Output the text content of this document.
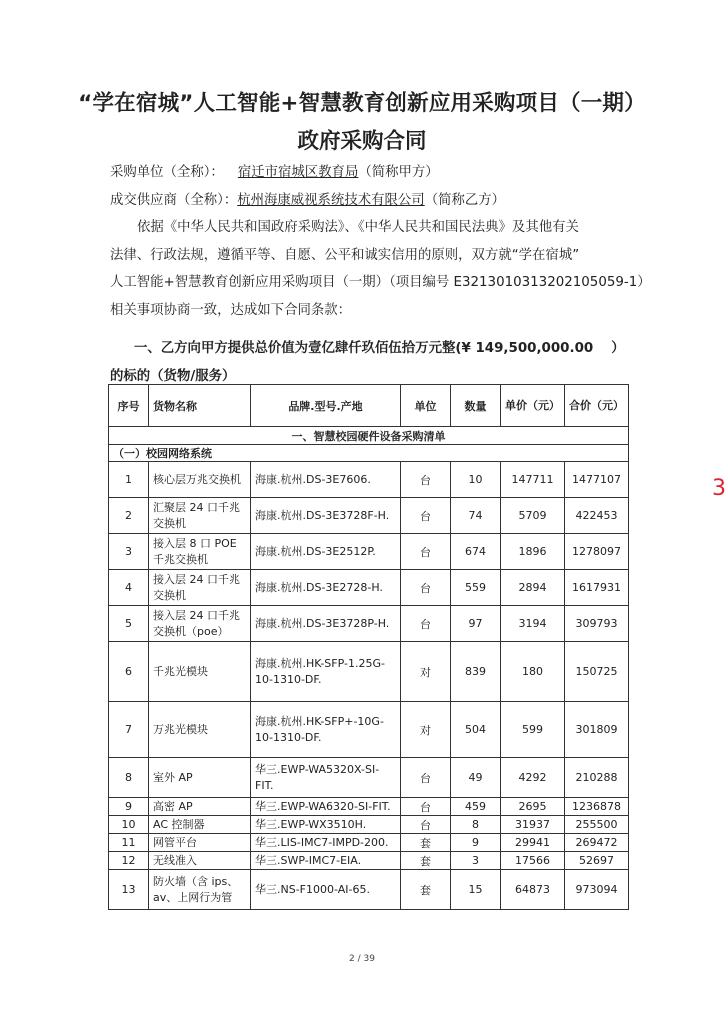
“学在宿城”人工智能+智慧教育创新应用采购项目（一期）
政府采购合同
采购单位（全称）： 宿迁市宿城区教育局（简称甲方）
成交供应商（全称）：杭州海康威视系统技术有限公司（简称乙方）
依据《中华人民共和国政府采购法》、《中华人民共和国民法典》及其他有关
法律、行政法规，遵循平等、自愿、公平和诚实信用的原则，双方就“学在宿城”
人工智能+智慧教育创新应用采购项目（一期）（项目编号 E3213010313202105059-1）
相关事项协商一致，达成如下合同条款：
一、乙方向甲方提供总价值为壹亿肆仟玖佰伍拾万元整(¥ 149,500,000.00 　）
的标的（货物/服务）
序号	货物名称	品牌.型号.产地	单位	数量	单价（元）	合价（元）
一、智慧校园硬件设备采购清单						
（一）校园网络系统						
1	核心层万兆交换机	海康.杭州.DS-3E7606.	台	10	147711	1477107
2	汇聚层 24 口千兆交换机	海康.杭州.DS-3E3728F-H.	台	74	5709	422453
3	接入层 8 口 POE 千兆交换机	海康.杭州.DS-3E2512P.	台	674	1896	1278097
4	接入层 24 口千兆交换机	海康.杭州.DS-3E2728-H.	台	559	2894	1617931
5	接入层 24 口千兆交换机（poe）	海康.杭州.DS-3E3728P-H.	台	97	3194	309793
6	千兆光模块	海康.杭州.HK-SFP-1.25G-10-1310-DF.	对	839	180	150725
7	万兆光模块	海康.杭州.HK-SFP+-10G-10-1310-DF.	对	504	599	301809
8	室外 AP	华三.EWP-WA5320X-SI-FIT.	台	49	4292	210288
9	高密 AP	华三.EWP-WA6320-SI-FIT.	台	459	2695	1236878
10	AC 控制器	华三.EWP-WX3510H.	台	8	31937	255500
11	网管平台	华三.LIS-IMC7-IMPD-200.	套	9	29941	269472
12	无线准入	华三.SWP-IMC7-EIA.	套	3	17566	52697
13	防火墙（含 ips、av、上网行为管	华三.NS-F1000-AI-65.	套	15	64873	973094
3
2 / 39
